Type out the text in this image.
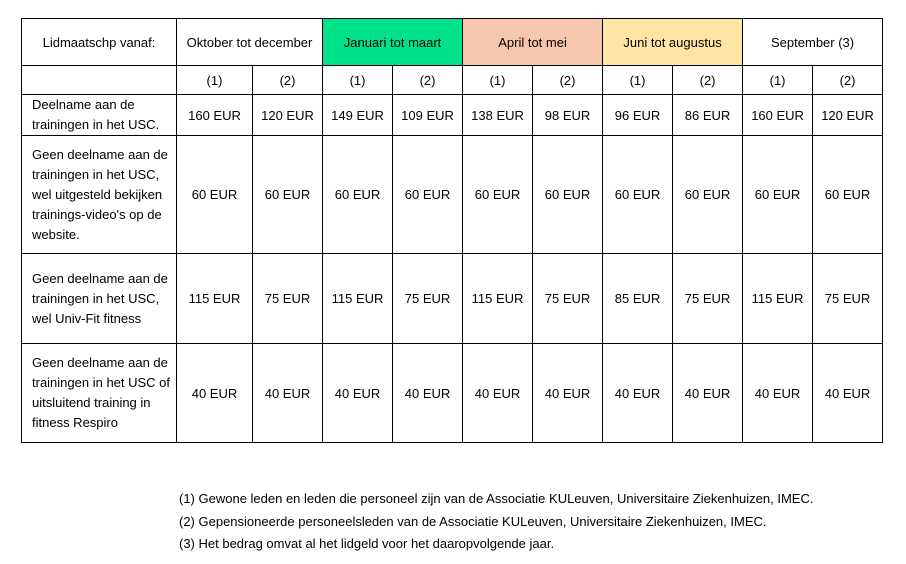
Lidmaatschp vanaf:	Oktober tot december		Januari tot maart		April tot mei		Juni tot augustus		September (3)	
	(1)	(2)	(1)	(2)	(1)	(2)	(1)	(2)	(1)	(2)
Deelname aan de trainingen in het USC.	160 EUR	120 EUR	149 EUR	109 EUR	138 EUR	98 EUR	96 EUR	86 EUR	160 EUR	120 EUR
Geen deelname aan de trainingen in het USC, wel uitgesteld bekijken trainings-video's op de website.	60 EUR	60 EUR	60 EUR	60 EUR	60 EUR	60 EUR	60 EUR	60 EUR	60 EUR	60 EUR
Geen deelname aan de trainingen in het USC, wel Univ-Fit fitness	115 EUR	75 EUR	115 EUR	75 EUR	115 EUR	75 EUR	85 EUR	75 EUR	115 EUR	75 EUR
Geen deelname aan de trainingen in het USC of uitsluitend training in fitness Respiro	40 EUR	40 EUR	40 EUR	40 EUR	40 EUR	40 EUR	40 EUR	40 EUR	40 EUR	40 EUR
(1) Gewone leden en leden die personeel zijn van de Associatie KULeuven, Universitaire Ziekenhuizen, IMEC.
(2) Gepensioneerde personeelsleden van de Associatie KULeuven, Universitaire Ziekenhuizen, IMEC.
(3) Het bedrag omvat al het lidgeld voor het daaropvolgende jaar.
